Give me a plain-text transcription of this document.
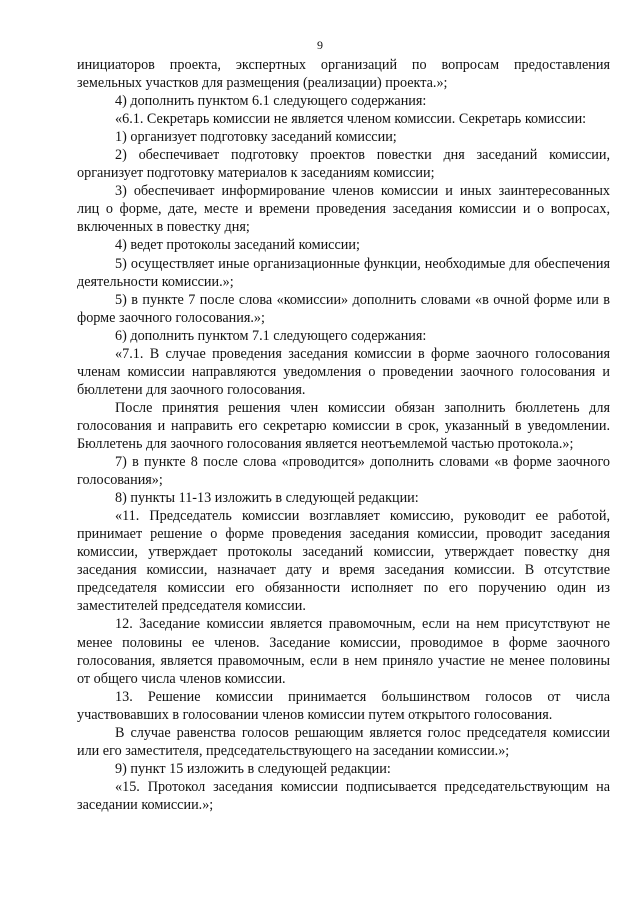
9

инициаторов проекта, экспертных организаций по вопросам предоставления земельных участков для размещения (реализации) проекта.»;

4) дополнить пунктом 6.1 следующего содержания:

«6.1. Секретарь комиссии не является членом комиссии. Секретарь комиссии:

1) организует подготовку заседаний комиссии;

2) обеспечивает подготовку проектов повестки дня заседаний комиссии, организует подготовку материалов к заседаниям комиссии;

3) обеспечивает информирование членов комиссии и иных заинтересованных лиц о форме, дате, месте и времени проведения заседания комиссии и о вопросах, включенных в повестку дня;

4) ведет протоколы заседаний комиссии;

5) осуществляет иные организационные функции, необходимые для обеспечения деятельности комиссии.»;

5) в пункте 7 после слова «комиссии» дополнить словами «в очной форме или в форме заочного голосования.»;

6) дополнить пунктом 7.1 следующего содержания:

«7.1. В случае проведения заседания комиссии в форме заочного голосования членам комиссии направляются уведомления о проведении заочного голосования и бюллетени для заочного голосования.

После принятия решения член комиссии обязан заполнить бюллетень для голосования и направить его секретарю комиссии в срок, указанный в уведомлении. Бюллетень для заочного голосования является неотъемлемой частью протокола.»;

7) в пункте 8 после слова «проводится» дополнить словами «в форме заочного голосования»;

8) пункты 11-13 изложить в следующей редакции:

«11. Председатель комиссии возглавляет комиссию, руководит ее работой, принимает решение о форме проведения заседания комиссии, проводит заседания комиссии, утверждает протоколы заседаний комиссии, утверждает повестку дня заседания комиссии, назначает дату и время заседания комиссии. В отсутствие председателя комиссии его обязанности исполняет по его поручению один из заместителей председателя комиссии.

12. Заседание комиссии является правомочным, если на нем присутствуют не менее половины ее членов. Заседание комиссии, проводимое в форме заочного голосования, является правомочным, если в нем приняло участие не менее половины от общего числа членов комиссии.

13. Решение комиссии принимается большинством голосов от числа участвовавших в голосовании членов комиссии путем открытого голосования.

В случае равенства голосов решающим является голос председателя комиссии или его заместителя, председательствующего на заседании комиссии.»;

9) пункт 15 изложить в следующей редакции:

«15. Протокол заседания комиссии подписывается председательствующим на заседании комиссии.»;
